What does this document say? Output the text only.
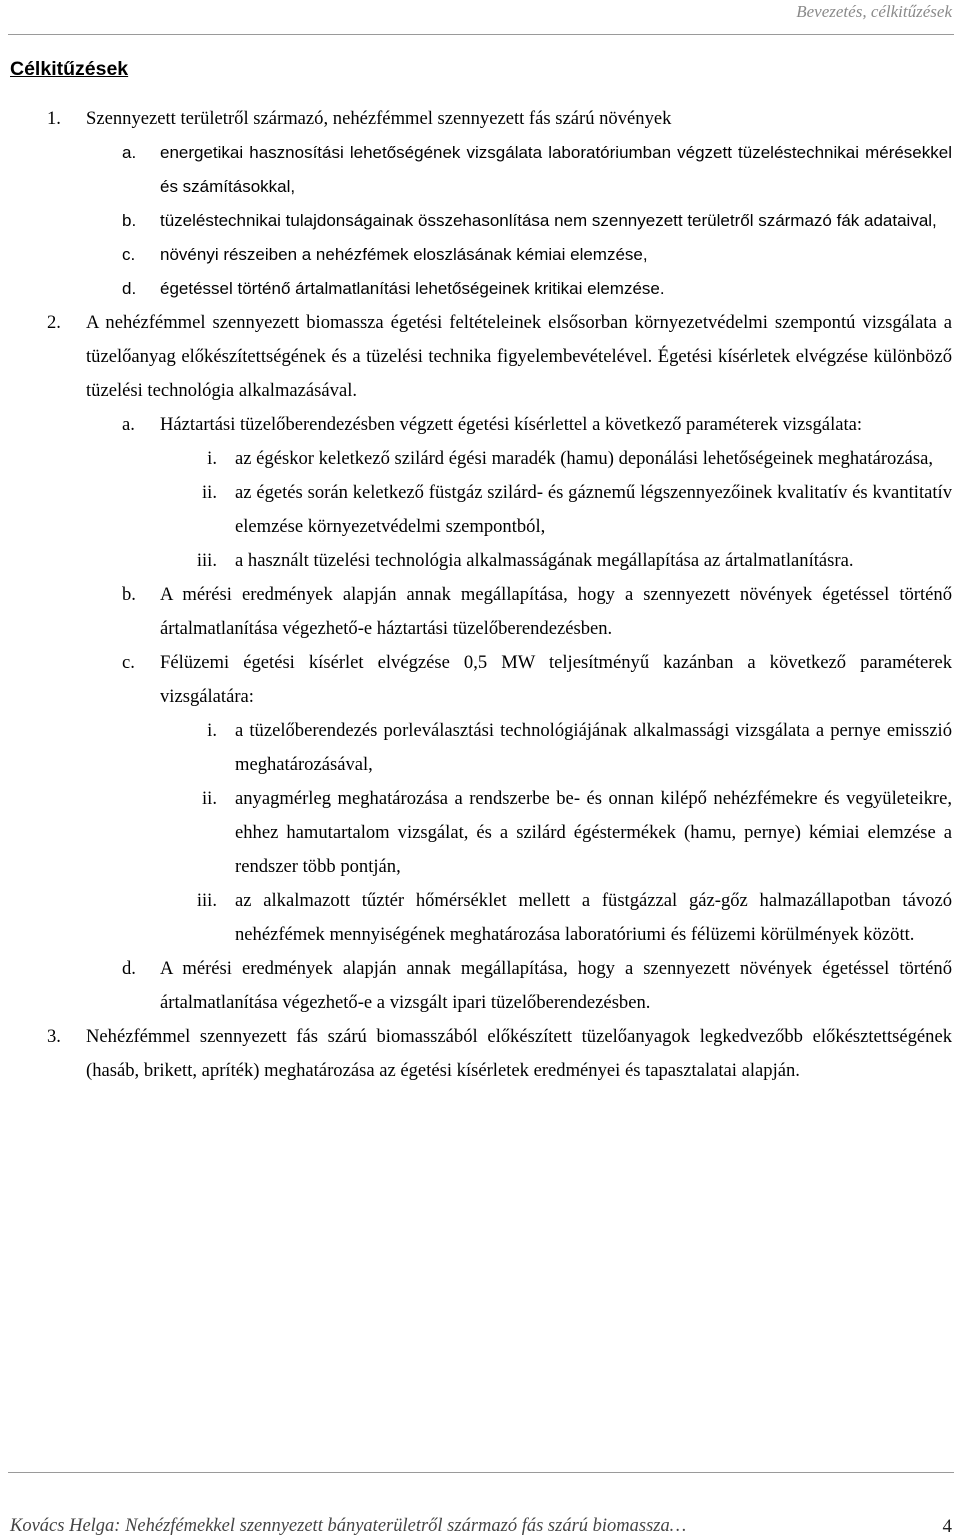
Bevezetés, célkitűzések
Célkitűzések
1. Szennyezett területről származó, nehézfémmel szennyezett fás szárú növények
a. energetikai hasznosítási lehetőségének vizsgálata laboratóriumban végzett tüzeléstechnikai mérésekkel és számításokkal,
b. tüzeléstechnikai tulajdonságainak összehasonlítása nem szennyezett területről származó fák adataival,
c. növényi részeiben a nehézfémek eloszlásának kémiai elemzése,
d. égetéssel történő ártalmatlanítási lehetőségeinek kritikai elemzése.
2. A nehézfémmel szennyezett biomassza égetési feltételeinek elsősorban környezetvédelmi szempontú vizsgálata a tüzelőanyag előkészítettségének és a tüzelési technika figyelembevételével. Égetési kísérletek elvégzése különböző tüzelési technológia alkalmazásával.
a. Háztartási tüzelőberendezésben végzett égetési kísérlettel a következő paraméterek vizsgálata:
i. az égéskor keletkező szilárd égési maradék (hamu) deponálási lehetőségeinek meghatározása,
ii. az égetés során keletkező füstgáz szilárd- és gáznemű légszennyezőinek kvalitatív és kvantitatív elemzése környezetvédelmi szempontból,
iii. a használt tüzelési technológia alkalmasságának megállapítása az ártalmatlanításra.
b. A mérési eredmények alapján annak megállapítása, hogy a szennyezett növények égetéssel történő ártalmatlanítása végezhető-e háztartási tüzelőberendezésben.
c. Félüzemi égetési kísérlet elvégzése 0,5 MW teljesítményű kazánban a következő paraméterek vizsgálatára:
i. a tüzelőberendezés porleválasztási technológiájának alkalmassági vizsgálata a pernye emisszió meghatározásával,
ii. anyagmérleg meghatározása a rendszerbe be- és onnan kilépő nehézfémekre és vegyületeikre, ehhez hamutartalom vizsgálat, és a szilárd égéstermékek (hamu, pernye) kémiai elemzése a rendszer több pontján,
iii. az alkalmazott tűztér hőmérséklet mellett a füstgázzal gáz-gőz halmazállapotban távozó nehézfémek mennyiségének meghatározása laboratóriumi és félüzemi körülmények között.
d. A mérési eredmények alapján annak megállapítása, hogy a szennyezett növények égetéssel történő ártalmatlanítása végezhető-e a vizsgált ipari tüzelőberendezésben.
3. Nehézfémmel szennyezett fás szárú biomasszából előkészített tüzelőanyagok legkedvezőbb előkésztettségének (hasáb, brikett, apríték) meghatározása az égetési kísérletek eredményei és tapasztalatai alapján.
Kovács Helga: Nehézfémekkel szennyezett bányaterületről származó fás szárú biomassza…	4
